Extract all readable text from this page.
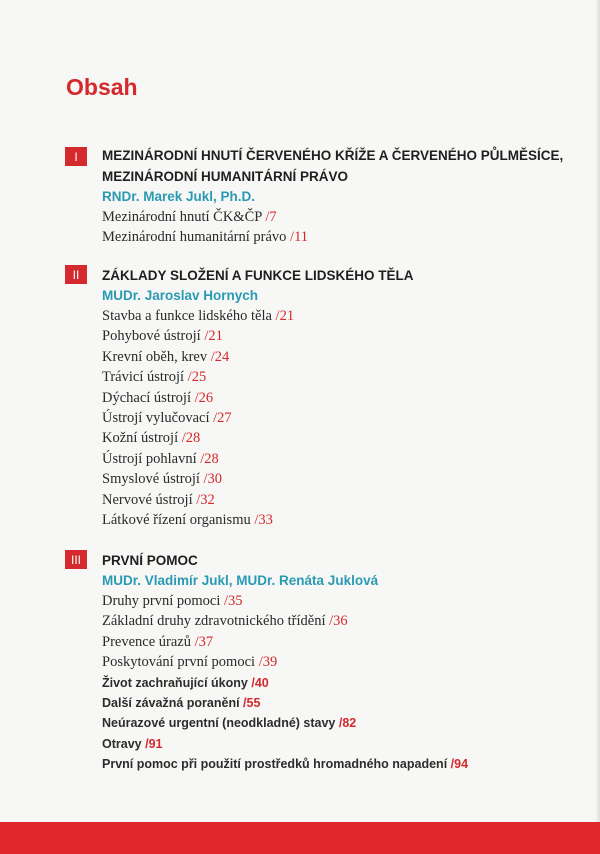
Obsah
I	MEZINÁRODNÍ HNUTÍ ČERVENÉHO KŘÍŽE A ČERVENÉHO PŮLMĚSÍCE,

MEZINÁRODNÍ HUMANITÁRNÍ PRÁVO

RNDr. Marek Jukl, Ph.D.

Mezinárodní hnutí ČK&ČP /7
Mezinárodní humanitární právo /11
II	ZÁKLADY SLOŽENÍ A FUNKCE LIDSKÉHO TĚLA

MUDr. Jaroslav Hornych

Stavba a funkce lidského těla /21
Pohybové ústrojí /21
Krevní oběh, krev /24
Trávicí ústrojí /25
Dýchací ústrojí /26
Ústrojí vylučovací /27
Kožní ústrojí /28
Ústrojí pohlavní /28
Smyslové ústrojí /30
Nervové ústrojí /32
Látkové řízení organismu /33
III	PRVNÍ POMOC

MUDr. Vladimír Jukl, MUDr. Renáta Juklová

Druhy první pomoci /35
Základní druhy zdravotnického třídění /36
Prevence úrazů /37
Poskytování první pomoci /39
Život zachraňující úkony /40
Další závažná poranění /55
Neúrazové urgentní (neodkladné) stavy /82
Otravy /91
První pomoc při použití prostředků hromadného napadení /94
